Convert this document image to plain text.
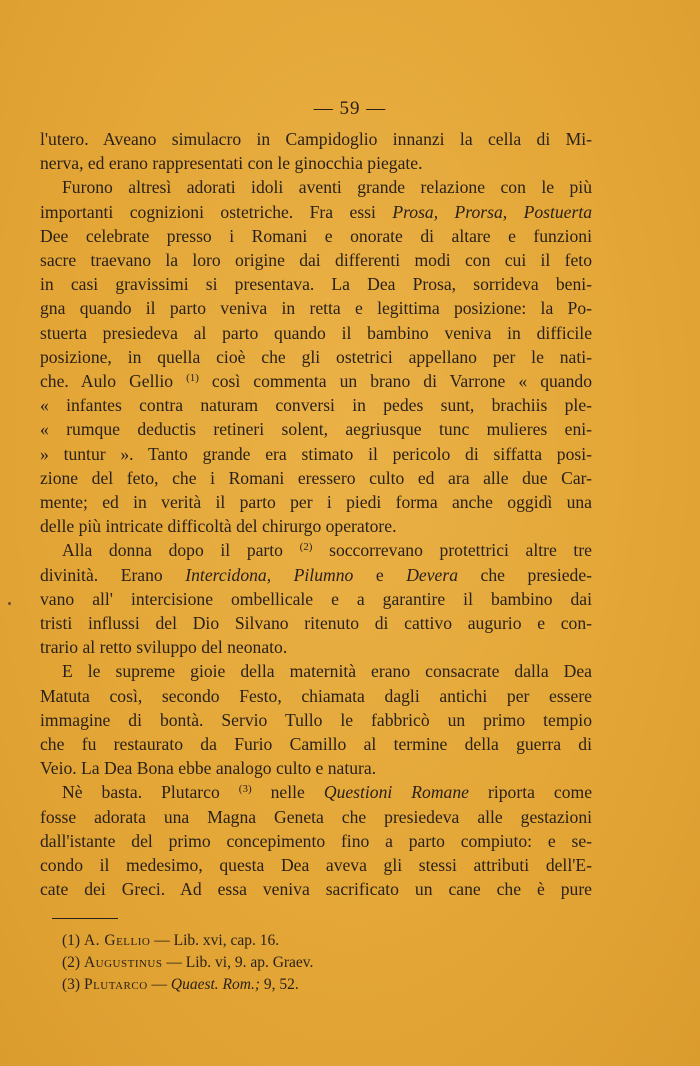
— 59 —
l'utero. Aveano simulacro in Campidoglio innanzi la cella di Mi-
nerva, ed erano rappresentati con le ginocchia piegate.
Furono altresì adorati idoli aventi grande relazione con le più
importanti cognizioni ostetriche. Fra essi Prosa, Prorsa, Postuerta
Dee celebrate presso i Romani e onorate di altare e funzioni
sacre traevano la loro origine dai differenti modi con cui il feto
in casi gravissimi si presentava. La Dea Prosa, sorrideva beni-
gna quando il parto veniva in retta e legittima posizione: la Po-
stuerta presiedeva al parto quando il bambino veniva in difficile
posizione, in quella cioè che gli ostetrici appellano per le nati-
che. Aulo Gellio $^{(1)}$ così commenta un brano di Varrone « quando
« infantes contra naturam conversi in pedes sunt, brachiis ple-
« rumque deductis retineri solent, aegriusque tunc mulieres eni-
» tuntur ». Tanto grande era stimato il pericolo di siffatta posi-
zione del feto, che i Romani eressero culto ed ara alle due Car-
mente; ed in verità il parto per i piedi forma anche oggidì una
delle più intricate difficoltà del chirurgo operatore.
Alla donna dopo il parto $^{(2)}$ soccorrevano protettrici altre tre
divinità. Erano Intercidona, Pilumno e Devera che presiede-
vano all' intercisione ombellicale e a garantire il bambino dai
tristi influssi del Dio Silvano ritenuto di cattivo augurio e con-
trario al retto sviluppo del neonato.
E le supreme gioie della maternità erano consacrate dalla Dea
Matuta così, secondo Festo, chiamata dagli antichi per essere
immagine di bontà. Servio Tullo le fabbricò un primo tempio
che fu restaurato da Furio Camillo al termine della guerra di
Veio. La Dea Bona ebbe analogo culto e natura.
Nè basta. Plutarco $^{(3)}$ nelle Questioni Romane riporta come
fosse adorata una Magna Geneta che presiedeva alle gestazioni
dall'istante del primo concepimento fino a parto compiuto: e se-
condo il medesimo, questa Dea aveva gli stessi attributi dell'E-
cate dei Greci. Ad essa veniva sacrificato un cane che è pure
(1) A. Gellio — Lib. xvi, cap. 16.
(2) Augustinus — Lib. vi, 9. ap. Graev.
(3) Plutarco — Quaest. Rom.; 9, 52.
